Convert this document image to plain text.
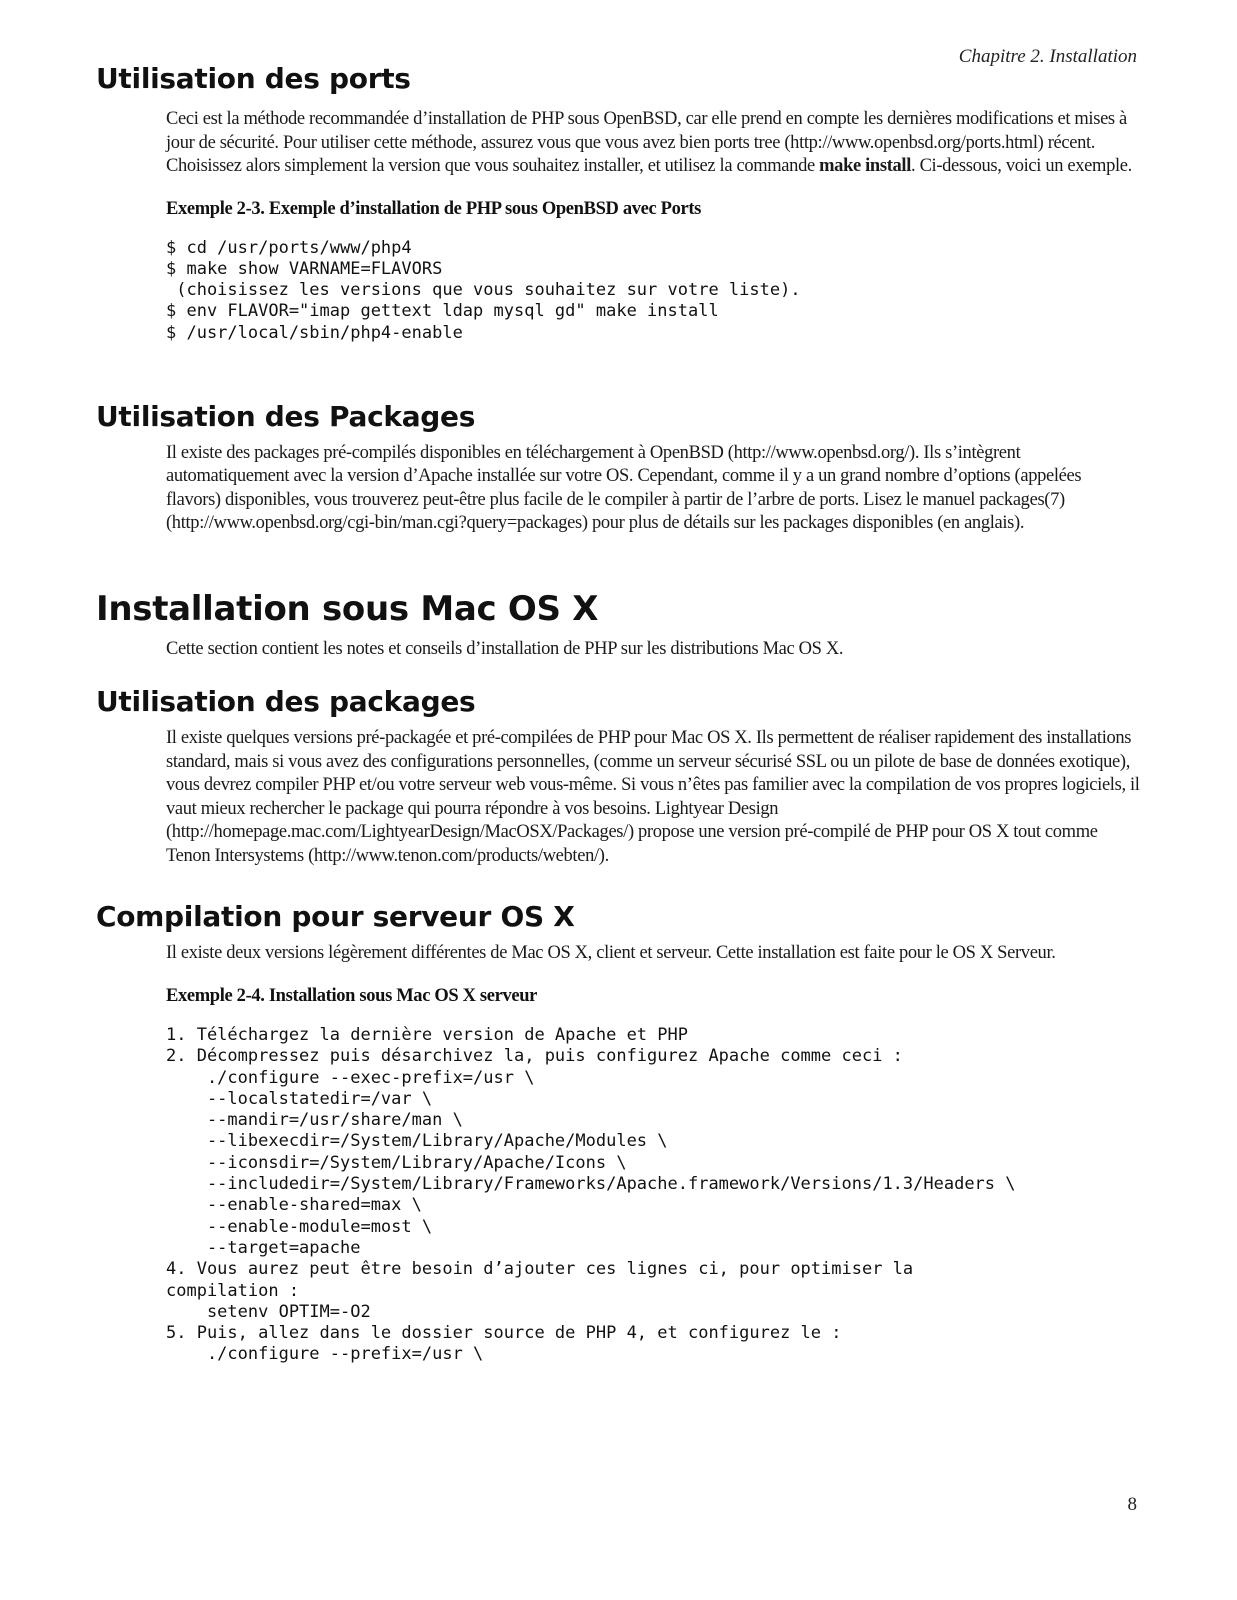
Chapitre 2. Installation
Utilisation des ports

Ceci est la méthode recommandée d’installation de PHP sous OpenBSD, car elle prend en compte les dernières modifications et mises à jour de sécurité. Pour utiliser cette méthode, assurez vous que vous avez bien ports tree (http://www.openbsd.org/ports.html) récent. Choisissez alors simplement la version que vous souhaitez installer, et utilisez la commande make install. Ci-dessous, voici un exemple.

Exemple 2-3. Exemple d’installation de PHP sous OpenBSD avec Ports
$ cd /usr/ports/www/php4
$ make show VARNAME=FLAVORS
(choisissez les versions que vous souhaitez sur votre liste).
$ env FLAVOR="imap gettext ldap mysql gd" make install
$ /usr/local/sbin/php4-enable
Utilisation des Packages

Il existe des packages pré-compilés disponibles en téléchargement à OpenBSD (http://www.openbsd.org/). Ils s’intègrent automatiquement avec la version d’Apache installée sur votre OS. Cependant, comme il y a un grand nombre d’options (appelées flavors) disponibles, vous trouverez peut-être plus facile de le compiler à partir de l’arbre de ports. Lisez le manuel packages(7) (http://www.openbsd.org/cgi-bin/man.cgi?query=packages) pour plus de détails sur les packages disponibles (en anglais).

Installation sous Mac OS X

Cette section contient les notes et conseils d’installation de PHP sur les distributions Mac OS X.

Utilisation des packages

Il existe quelques versions pré-packagée et pré-compilées de PHP pour Mac OS X. Ils permettent de réaliser rapidement des installations standard, mais si vous avez des configurations personnelles, (comme un serveur sécurisé SSL ou un pilote de base de données exotique), vous devrez compiler PHP et/ou votre serveur web vous-même. Si vous n’êtes pas familier avec la compilation de vos propres logiciels, il vaut mieux rechercher le package qui pourra répondre à vos besoins. Lightyear Design (http://homepage.mac.com/LightyearDesign/MacOSX/Packages/) propose une version pré-compilé de PHP pour OS X tout comme Tenon Intersystems (http://www.tenon.com/products/webten/).

Compilation pour serveur OS X

Il existe deux versions légèrement différentes de Mac OS X, client et serveur. Cette installation est faite pour le OS X Serveur.

Exemple 2-4. Installation sous Mac OS X serveur
1. Téléchargez la dernière version de Apache et PHP
2. Décompressez puis désarchivez la, puis configurez Apache comme ceci :
./configure --exec-prefix=/usr \
--localstatedir=/var \
--mandir=/usr/share/man \
--libexecdir=/System/Library/Apache/Modules \
--iconsdir=/System/Library/Apache/Icons \
--includedir=/System/Library/Frameworks/Apache.framework/Versions/1.3/Headers \
--enable-shared=max \
--enable-module=most \
--target=apache
4. Vous aurez peut être besoin d’ajouter ces lignes ci, pour optimiser la
compilation :
setenv OPTIM=-O2
5. Puis, allez dans le dossier source de PHP 4, et configurez le :
./configure --prefix=/usr \
8
